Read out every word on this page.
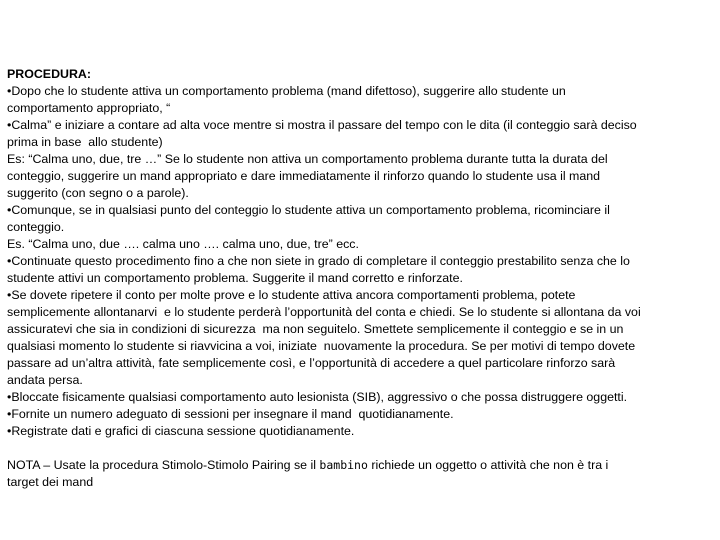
PROCEDURA:
•Dopo che lo studente attiva un comportamento problema (mand difettoso), suggerire allo studente un
comportamento appropriato, “
•Calma” e iniziare a contare ad alta voce mentre si mostra il passare del tempo con le dita (il conteggio sarà deciso
prima in base  allo studente)
Es: “Calma uno, due, tre …” Se lo studente non attiva un comportamento problema durante tutta la durata del
conteggio, suggerire un mand appropriato e dare immediatamente il rinforzo quando lo studente usa il mand
suggerito (con segno o a parole).
•Comunque, se in qualsiasi punto del conteggio lo studente attiva un comportamento problema, ricominciare il
conteggio.
Es. “Calma uno, due …. calma uno …. calma uno, due, tre” ecc.
•Continuate questo procedimento fino a che non siete in grado di completare il conteggio prestabilito senza che lo
studente attivi un comportamento problema. Suggerite il mand corretto e rinforzate.
•Se dovete ripetere il conto per molte prove e lo studente attiva ancora comportamenti problema, potete
semplicemente allontanarvi  e lo studente perderà l’opportunità del conta e chiedi. Se lo studente si allontana da voi
assicuratevi che sia in condizioni di sicurezza  ma non seguitelo. Smettete semplicemente il conteggio e se in un
qualsiasi momento lo studente si riavvicina a voi, iniziate  nuovamente la procedura. Se per motivi di tempo dovete
passare ad un’altra attività, fate semplicemente così, e l’opportunità di accedere a quel particolare rinforzo sarà
andata persa.
•Bloccate fisicamente qualsiasi comportamento auto lesionista (SIB), aggressivo o che possa distruggere oggetti.
•Fornite un numero adeguato di sessioni per insegnare il mand  quotidianamente.
•Registrate dati e grafici di ciascuna sessione quotidianamente.
NOTA – Usate la procedura Stimolo-Stimolo Pairing se il bambino richiede un oggetto o attività che non è tra i
target dei mand
